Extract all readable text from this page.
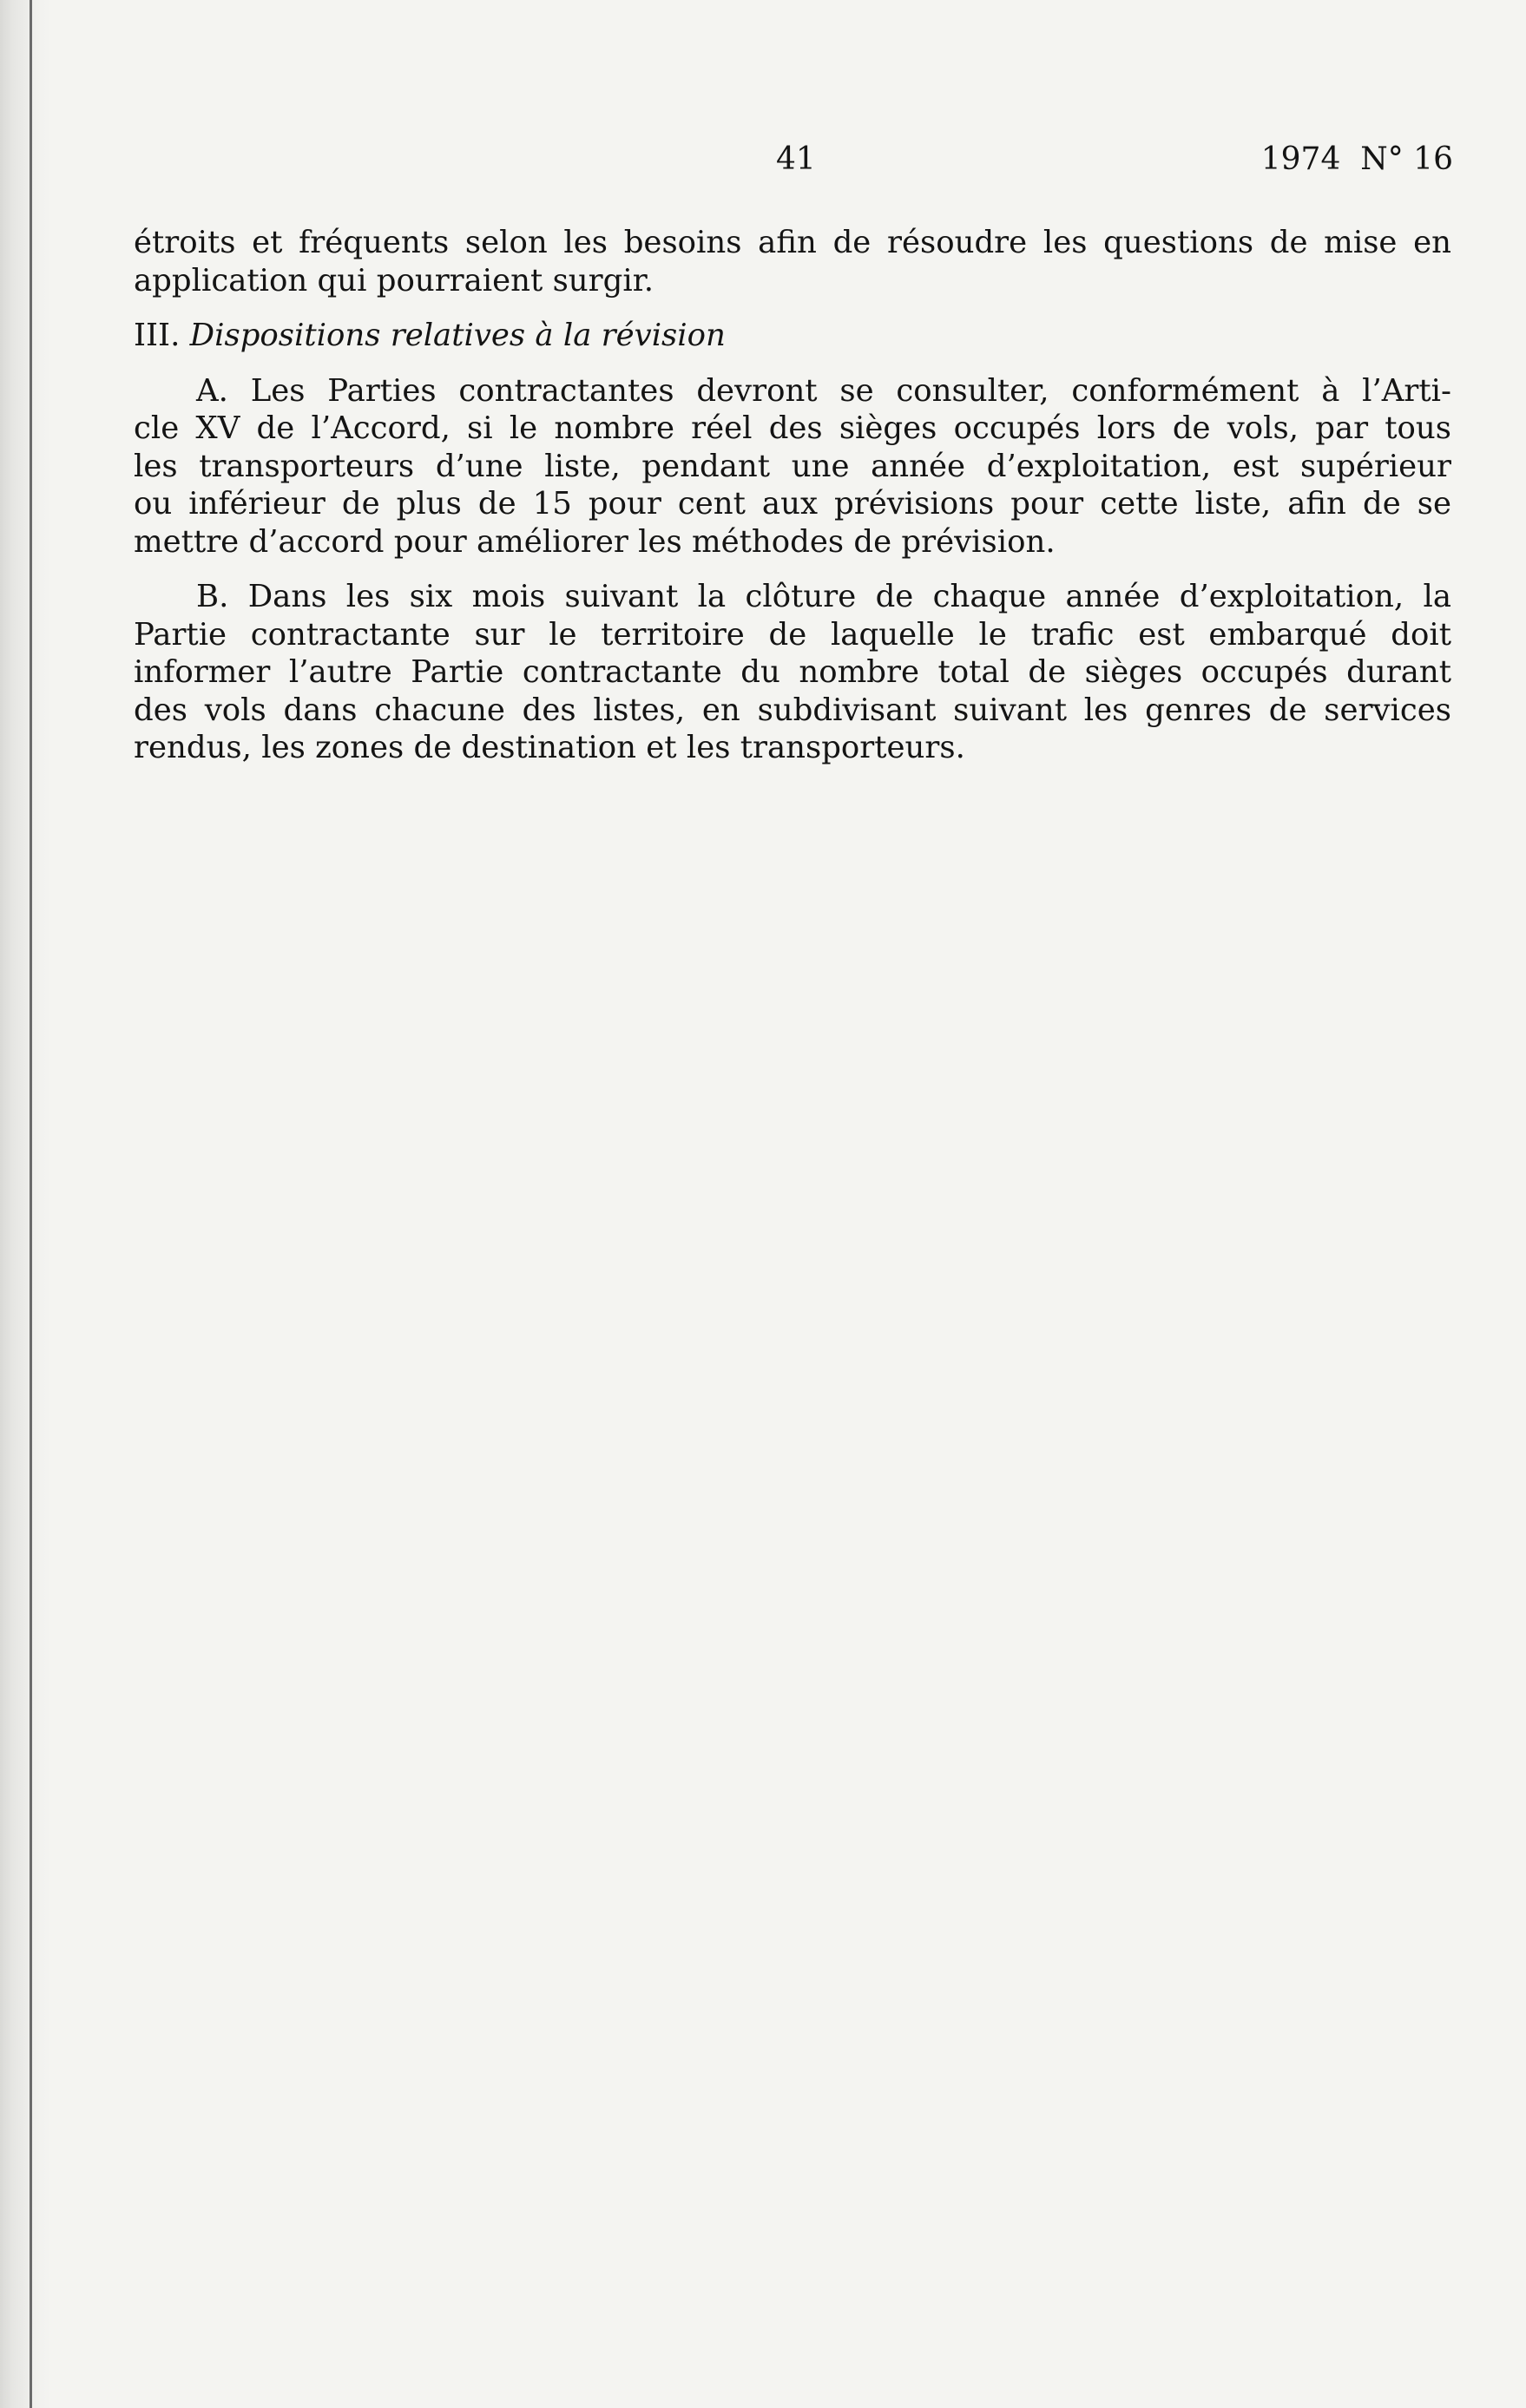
41	1974  N° 16

étroits et fréquents selon les besoins afin de résoudre les questions de mise en
application qui pourraient surgir.

III. Dispositions relatives à la révision

A. Les Parties contractantes devront se consulter, conformément à l’Arti-
cle XV de l’Accord, si le nombre réel des sièges occupés lors de vols, par tous
les transporteurs d’une liste, pendant une année d’exploitation, est supérieur
ou inférieur de plus de 15 pour cent aux prévisions pour cette liste, afin de se
mettre d’accord pour améliorer les méthodes de prévision.

B. Dans les six mois suivant la clôture de chaque année d’exploitation, la
Partie contractante sur le territoire de laquelle le trafic est embarqué doit
informer l’autre Partie contractante du nombre total de sièges occupés durant
des vols dans chacune des listes, en subdivisant suivant les genres de services
rendus, les zones de destination et les transporteurs.
